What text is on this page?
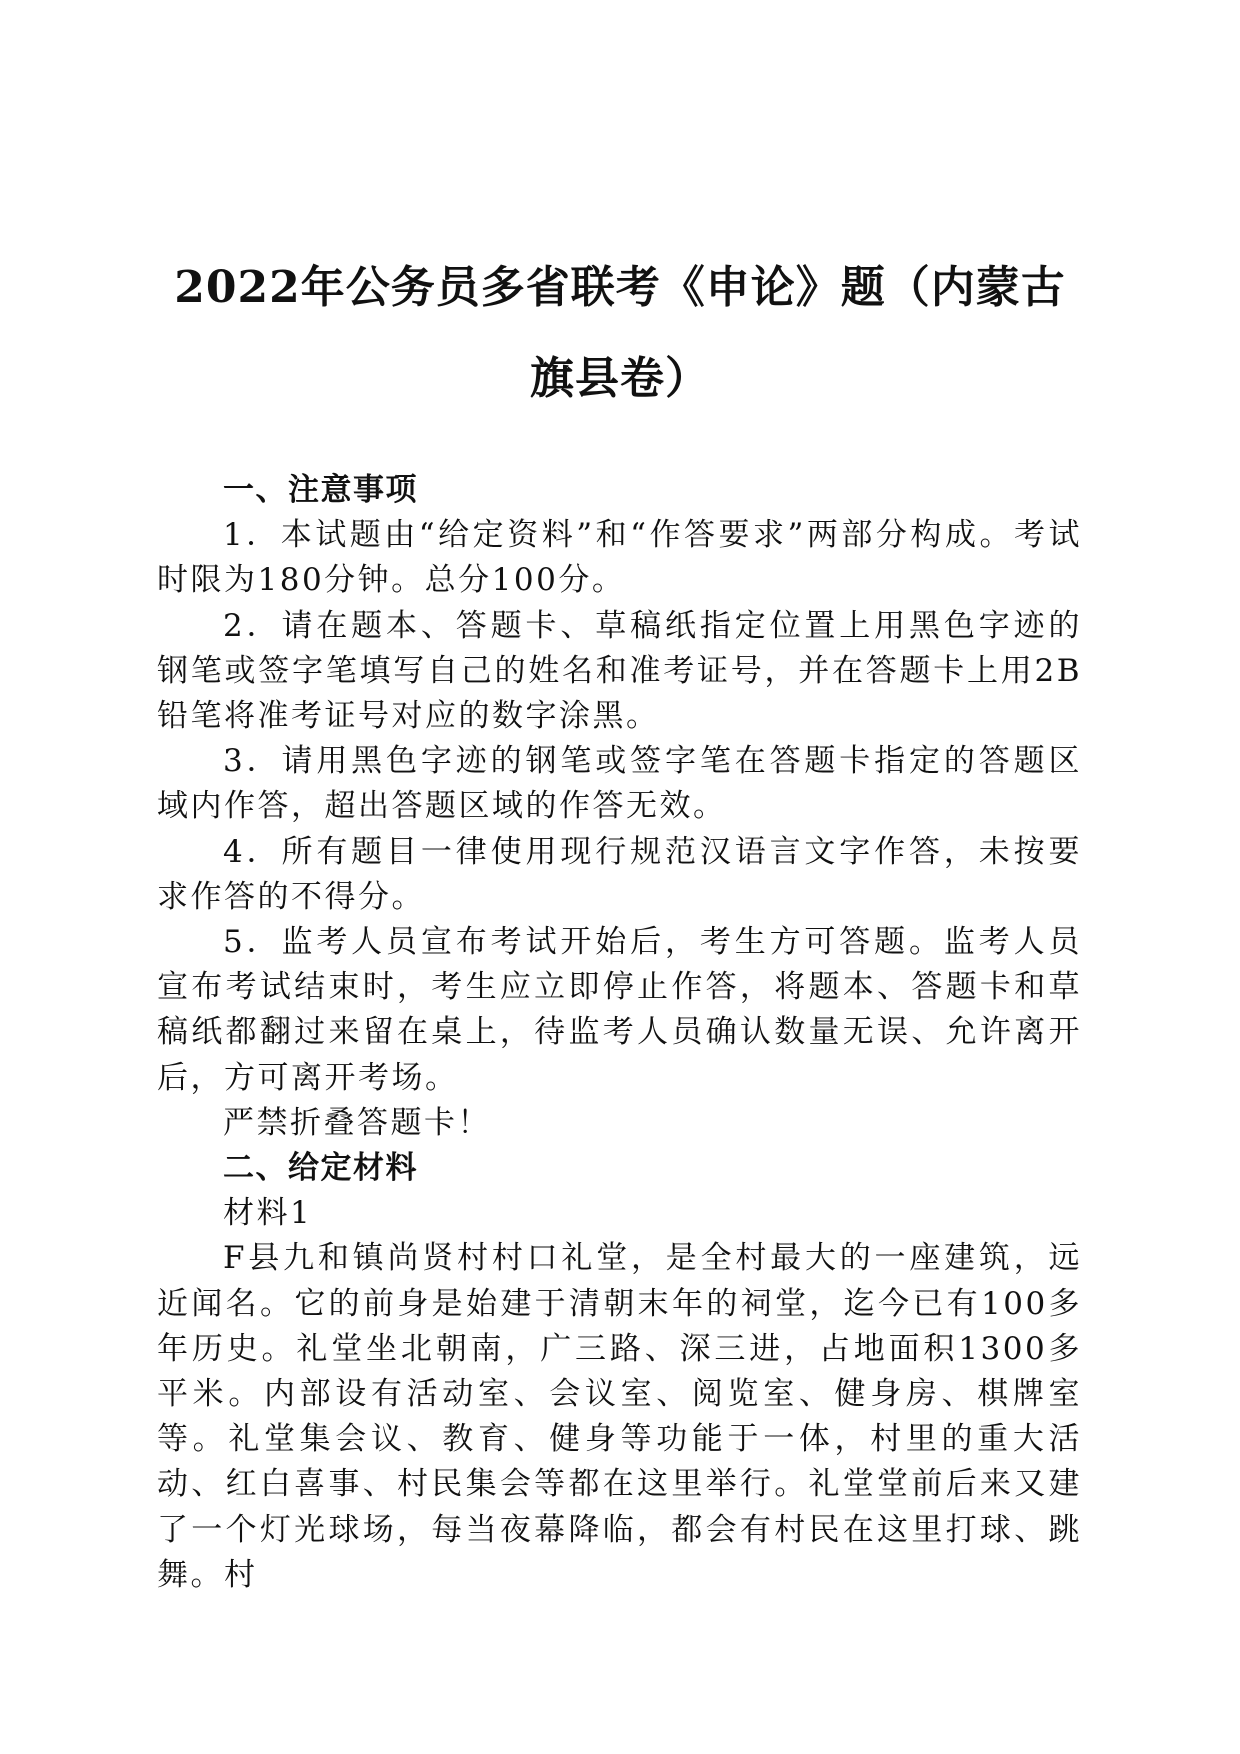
2022年公务员多省联考《申论》题（内蒙古
旗县卷）

一、注意事项

1．本试题由“给定资料”和“作答要求”两部分构成。考试时限为180分钟。总分100分。

2．请在题本、答题卡、草稿纸指定位置上用黑色字迹的钢笔或签字笔填写自己的姓名和准考证号，并在答题卡上用2B铅笔将准考证号对应的数字涂黑。

3．请用黑色字迹的钢笔或签字笔在答题卡指定的答题区域内作答，超出答题区域的作答无效。

4．所有题目一律使用现行规范汉语言文字作答，未按要求作答的不得分。

5．监考人员宣布考试开始后，考生方可答题。监考人员宣布考试结束时，考生应立即停止作答，将题本、答题卡和草稿纸都翻过来留在桌上，待监考人员确认数量无误、允许离开后，方可离开考场。

严禁折叠答题卡！

二、给定材料

材料1

F县九和镇尚贤村村口礼堂，是全村最大的一座建筑，远近闻名。它的前身是始建于清朝末年的祠堂，迄今已有100多年历史。礼堂坐北朝南，广三路、深三进，占地面积1300多平米。内部设有活动室、会议室、阅览室、健身房、棋牌室等。礼堂集会议、教育、健身等功能于一体，村里的重大活动、红白喜事、村民集会等都在这里举行。礼堂堂前后来又建了一个灯光球场，每当夜幕降临，都会有村民在这里打球、跳舞。村
